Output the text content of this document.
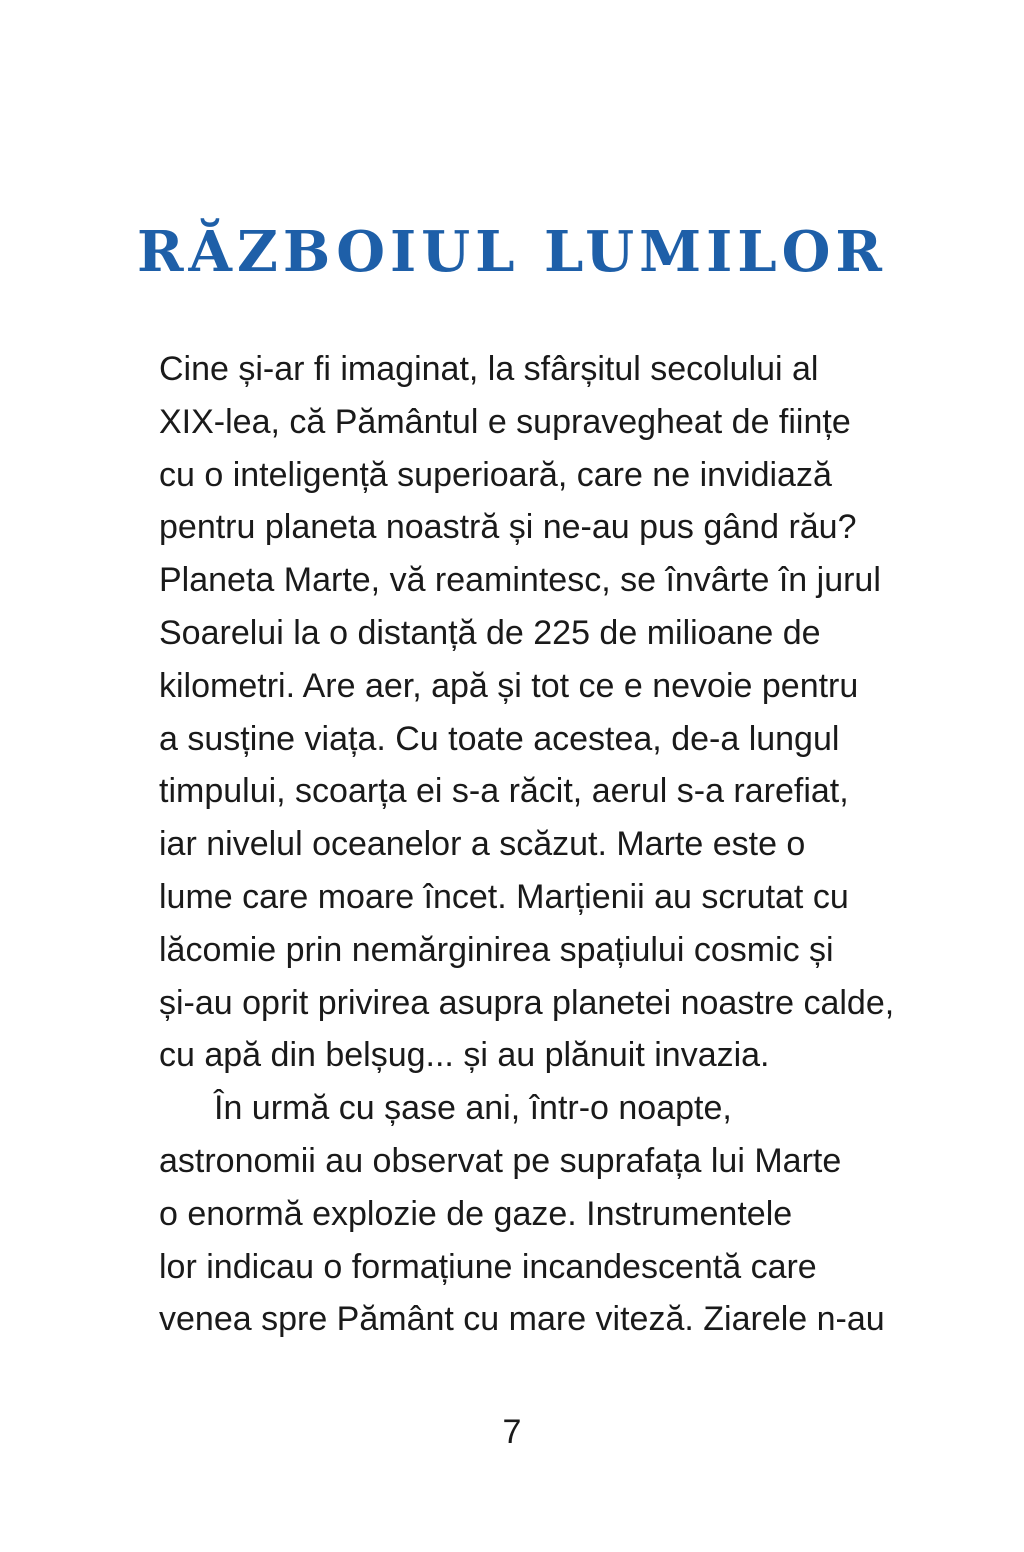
RĂZBOIUL LUMILOR
Cine și-ar fi imaginat, la sfârșitul secolului al
XIX-lea, că Pământul e supravegheat de ființe
cu o inteligență superioară, care ne invidiază
pentru planeta noastră și ne-au pus gând rău?
Planeta Marte, vă reamintesc, se învârte în jurul
Soarelui la o distanță de 225 de milioane de
kilometri. Are aer, apă și tot ce e nevoie pentru
a susține viața. Cu toate acestea, de-a lungul
timpului, scoarța ei s-a răcit, aerul s-a rarefiat,
iar nivelul oceanelor a scăzut. Marte este o
lume care moare încet. Marțienii au scrutat cu
lăcomie prin nemărginirea spațiului cosmic și
și-au oprit privirea asupra planetei noastre calde,
cu apă din belșug... și au plănuit invazia.
În urmă cu șase ani, într-o noapte,
astronomii au observat pe suprafața lui Marte
o enormă explozie de gaze. Instrumentele
lor indicau o formațiune incandescentă care
venea spre Pământ cu mare viteză. Ziarele n-au
7
